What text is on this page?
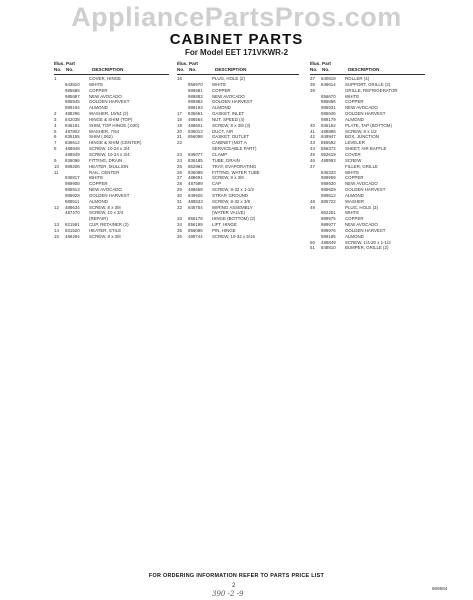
AppliancePartsPros.com
CABINET PARTS
For Model EET 171VKWR-2
Illus. Part
No. No.	DESCRIPTION
1	COVER, HINGE
843810	WHITE
985685	COPPER
985897	NEW AVOCADO
985945	GOLDEN HARVEST
989194	ALMOND
2	488296	WASHER, 10/64 (2)
3	842038	HINGE & SHIM (TOP)
4	836181	SHIM, TOP HINGE (.030)
5	487802	WASHER, 7/64
6	836155	SHIM (.062)
7	836612	HINGE & SHIM (CENTER)
8	488948	SCREW, 10-24 x 3/4
488949	SCREW, 10-24 x 3/4
9	836096	FITTING, DRAIN
10	989206	HEATER, MULLION
11	RAIL, CENTER
836817	WHITE
989908	COPPER
985913	NEW AVOCADO
985928	GOLDEN HARVEST
989511	ALMOND
12	488634	SCREW, 8 x 3/8
487470	SCREW, 10 x 3/4
(REPAIR)
13	821591	CUP, RETAINER (2)
14	831520	HEATER, STILE
15	486294	SCREW, 8 x 3/8
Illus. Part
No. No.	DESCRIPTION
16	PLUG, HOLE (2)
856970	WHITE
989681	COPPER
989883	NEW AVOCADO
985982	GOLDEN HARVEST
989193	ALMOND
17	836661	GASKET, INLET
18	488564	NUT, SPEED (4)
19	488601	SCREW, 8 x 3/8 (3)
20	836013	DUCT, AIR
21	856098	GASKET, OUTLET
22	CABINET (NOT A
SERVICEABLE PART)
23	836077	CLAMP
24	836185	TUBE, DRAIN
25	862981	TRAY, EVAPORATING
26	836089	FITTING, WATER TUBE
27	488691	SCREW, 8 x 3/8
28	487599	CAP
29	488658	SCREW, 8-32 x 1-1/2
30	849926	STRAP, GROUND
31	488533	SCREW, 8-32 x 3/8
32	848754	WIRING ASSEMBLY
(WATER VALVE)
33	856178	HINGE (BOTTOM) (2)
34	856199	LIFT, HINGE
35	856086	PIN, HINGE
36	488744	SCREW, 10-32 x 5/16
Illus. Part
No. No.	DESCRIPTION
37	840818	ROLLER (4)
38	849614	SUPPORT, GRILLE (2)
39	GRILLE, REFRIGERATOR
856670	WHITE
985896	COPPER
985931	NEW AVOCADO
985945	GOLDEN HARVEST
989179	ALMOND
40	836162	PLATE, TAP (BOTTOM)
41	488886	SCREW, 8 x 1/2
42	849947	BOX, JUNCTION
43	856592	LEVELER
44	856372	SHEET, AIR BAFFLE
45	852619	COVER
46	488993	SCREW
47	FILLER, GRILLE
836333	WHITE
989908	COPPER
989930	NEW AVOCADO
985929	GOLDEN HARVEST
989612	ALMOND
48	885722	WASHER
49	PLUG, HOLE (3)
862251	WHITE
989975	COPPER
989977	NEW AVOCADO
989976	GOLDEN HARVEST
989195	ALMOND
50	488849	SCREW, 1/4-20 x 1-1/2
51	848810	BUMPER, GRILLE (2)
FOR ORDERING INFORMATION REFER TO PARTS PRICE LIST
2	869584
390 -2 -9
